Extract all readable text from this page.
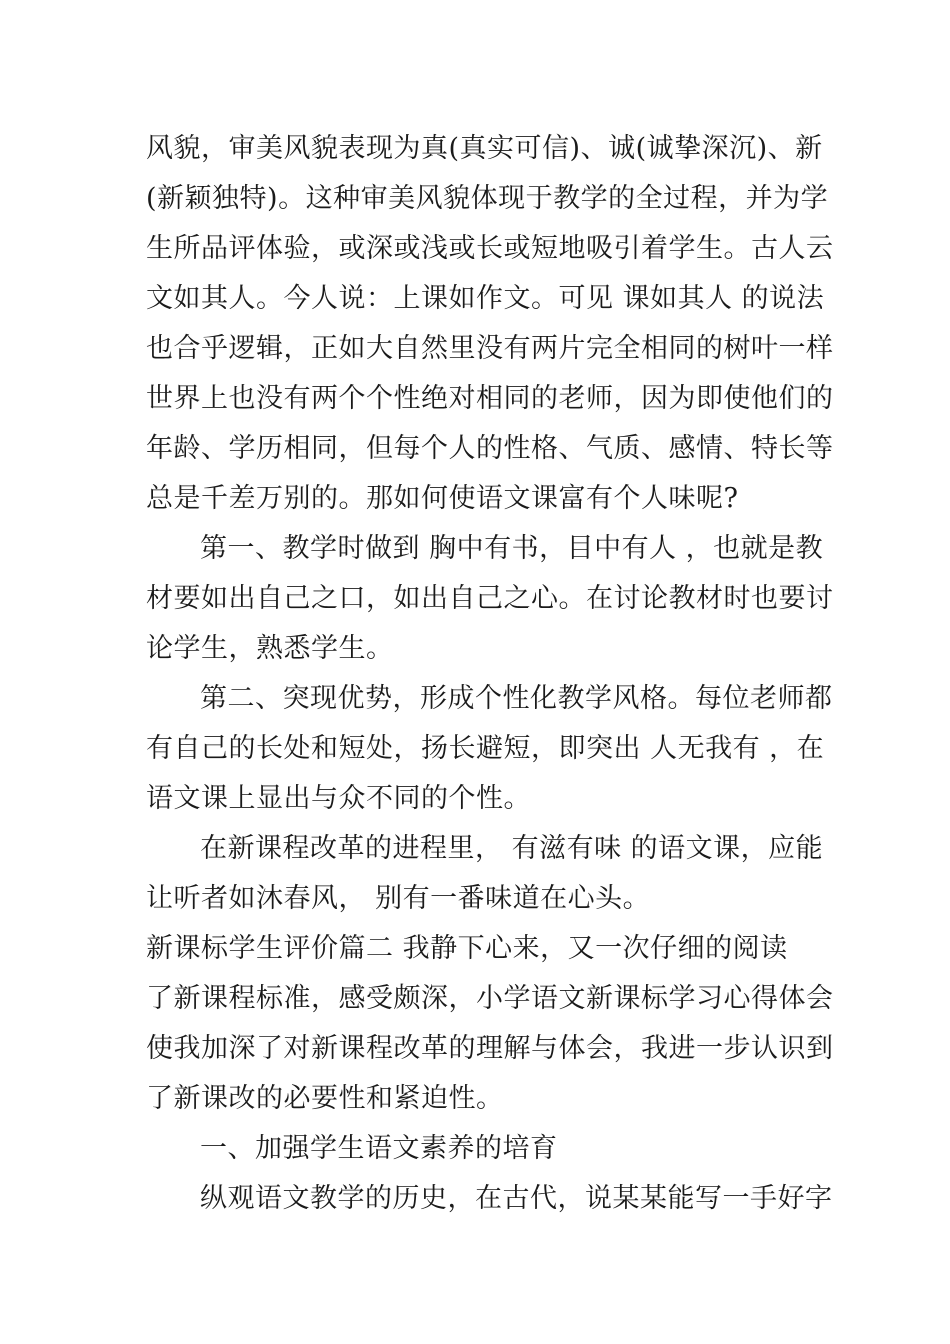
风貌，审美风貌表现为真(真实可信)、诚(诚挚深沉)、新
(新颖独特)。这种审美风貌体现于教学的全过程，并为学
生所品评体验，或深或浅或长或短地吸引着学生。古人云
文如其人。今人说：上课如作文。可见 课如其人 的说法
也合乎逻辑，正如大自然里没有两片完全相同的树叶一样
世界上也没有两个个性绝对相同的老师，因为即使他们的
年龄、学历相同，但每个人的性格、气质、感情、特长等
总是千差万别的。那如何使语文课富有个人味呢?
第一、教学时做到 胸中有书，目中有人 ，也就是教
材要如出自己之口，如出自己之心。在讨论教材时也要讨
论学生，熟悉学生。
第二、突现优势，形成个性化教学风格。每位老师都
有自己的长处和短处，扬长避短，即突出 人无我有 ，在
语文课上显出与众不同的个性。
在新课程改革的进程里， 有滋有味 的语文课，应能
让听者如沐春风， 别有一番味道在心头。
新课标学生评价篇二 我静下心来，又一次仔细的阅读
了新课程标准，感受颇深，小学语文新课标学习心得体会
使我加深了对新课程改革的理解与体会，我进一步认识到
了新课改的必要性和紧迫性。
一、加强学生语文素养的培育
纵观语文教学的历史，在古代，说某某能写一手好字
